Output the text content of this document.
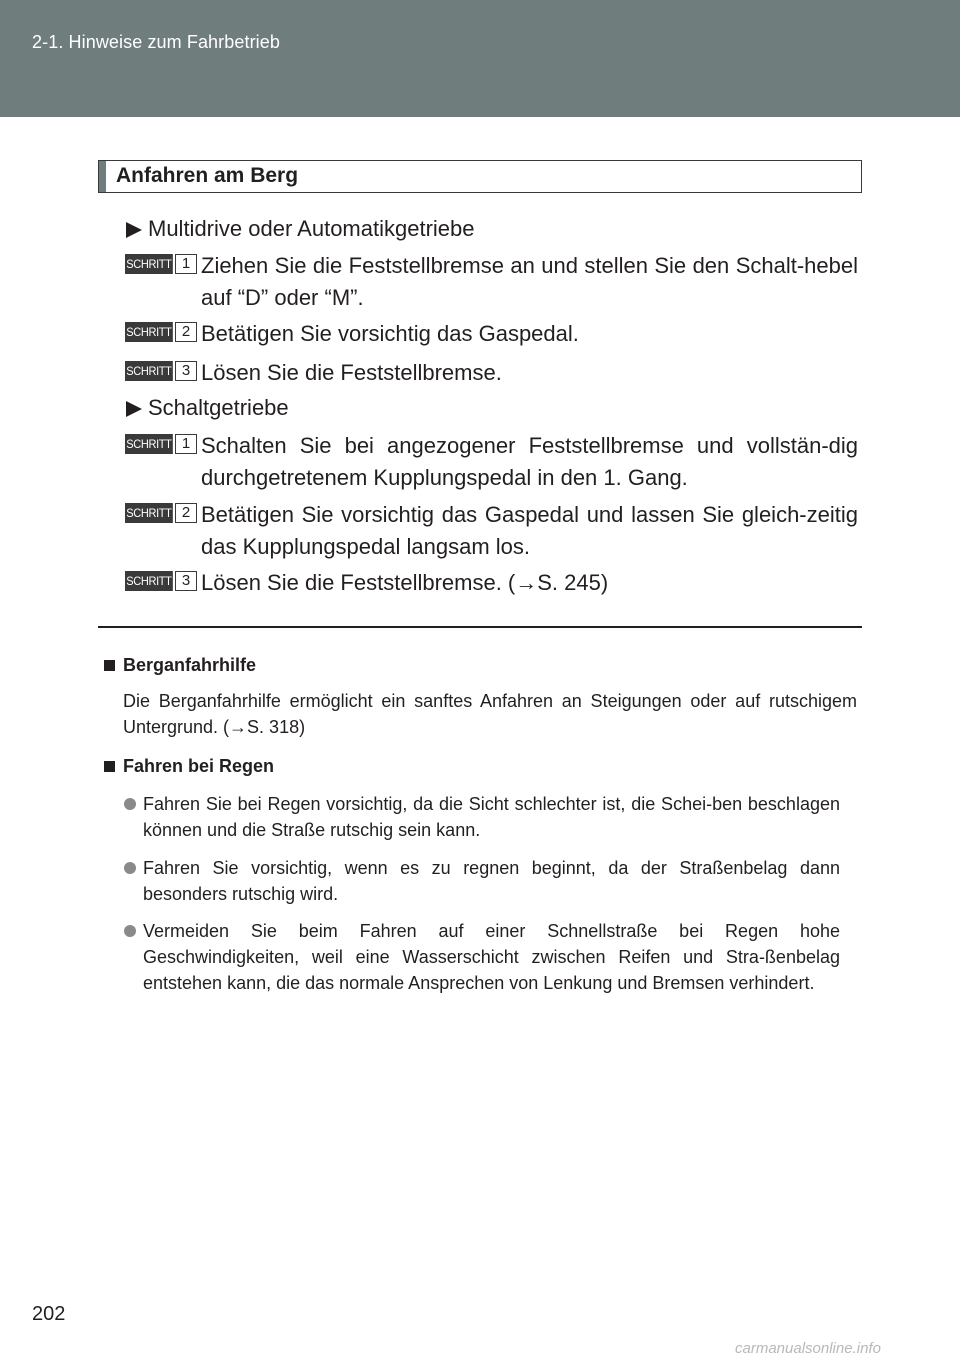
2-1. Hinweise zum Fahrbetrieb
Anfahren am Berg
Multidrive oder Automatikgetriebe
SCHRITT 1 Ziehen Sie die Feststellbremse an und stellen Sie den Schalt-hebel auf “D” oder “M”.
SCHRITT 2 Betätigen Sie vorsichtig das Gaspedal.
SCHRITT 3 Lösen Sie die Feststellbremse.
Schaltgetriebe
SCHRITT 1 Schalten Sie bei angezogener Feststellbremse und vollstän-dig durchgetretenem Kupplungspedal in den 1. Gang.
SCHRITT 2 Betätigen Sie vorsichtig das Gaspedal und lassen Sie gleich-zeitig das Kupplungspedal langsam los.
SCHRITT 3 Lösen Sie die Feststellbremse. (→S. 245)
Berganfahrhilfe
Die Berganfahrhilfe ermöglicht ein sanftes Anfahren an Steigungen oder auf rutschigem Untergrund. (→S. 318)
Fahren bei Regen
Fahren Sie bei Regen vorsichtig, da die Sicht schlechter ist, die Schei-ben beschlagen können und die Straße rutschig sein kann.
Fahren Sie vorsichtig, wenn es zu regnen beginnt, da der Straßenbelag dann besonders rutschig wird.
Vermeiden Sie beim Fahren auf einer Schnellstraße bei Regen hohe Geschwindigkeiten, weil eine Wasserschicht zwischen Reifen und Stra-ßenbelag entstehen kann, die das normale Ansprechen von Lenkung und Bremsen verhindert.
202
carmanualsonline.info
